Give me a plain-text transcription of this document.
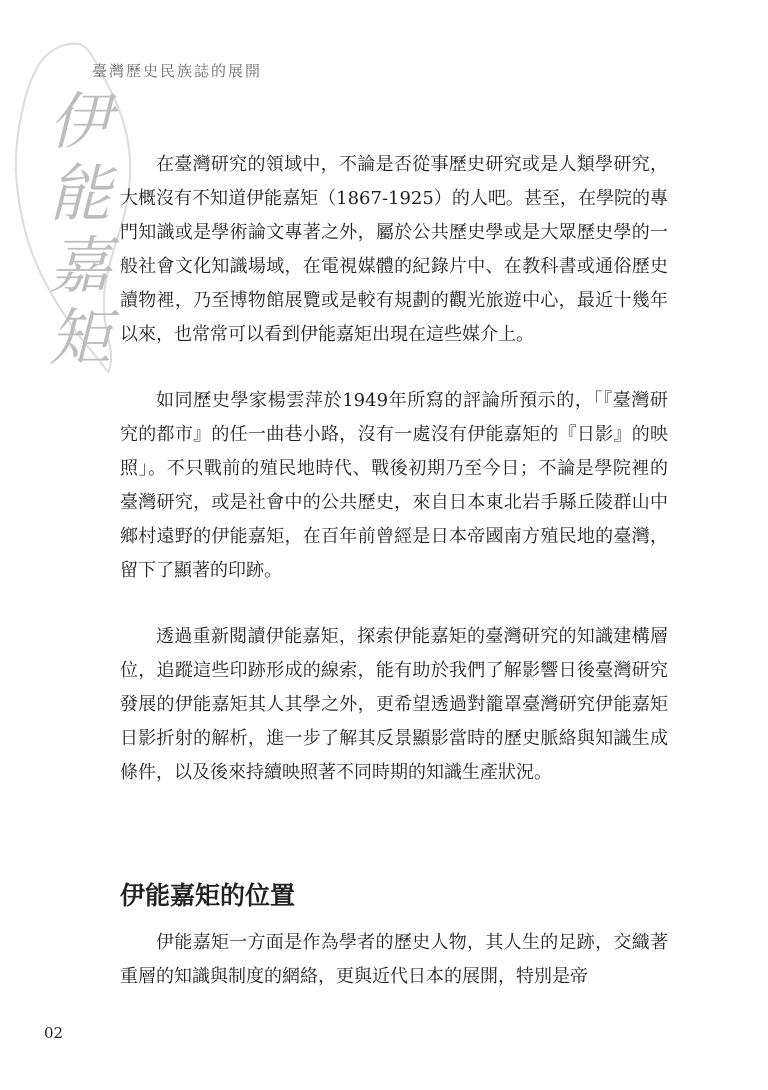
臺灣歷史民族誌的展開
伊
能
嘉
矩

在臺灣研究的領域中，不論是否從事歷史研究或是人類學研究，大概沒有不知道伊能嘉矩（1867-1925）的人吧。甚至，在學院的專門知識或是學術論文專著之外，屬於公共歷史學或是大眾歷史學的一般社會文化知識場域，在電視媒體的紀錄片中、在教科書或通俗歷史讀物裡，乃至博物館展覽或是較有規劃的觀光旅遊中心，最近十幾年以來，也常常可以看到伊能嘉矩出現在這些媒介上。

如同歷史學家楊雲萍於1949年所寫的評論所預示的，「『臺灣研究的都市』的任一曲巷小路，沒有一處沒有伊能嘉矩的『日影』的映照」。不只戰前的殖民地時代、戰後初期乃至今日；不論是學院裡的臺灣研究，或是社會中的公共歷史，來自日本東北岩手縣丘陵群山中鄉村遠野的伊能嘉矩，在百年前曾經是日本帝國南方殖民地的臺灣，留下了顯著的印跡。

透過重新閱讀伊能嘉矩，探索伊能嘉矩的臺灣研究的知識建構層位，追蹤這些印跡形成的線索，能有助於我們了解影響日後臺灣研究發展的伊能嘉矩其人其學之外，更希望透過對籠罩臺灣研究伊能嘉矩日影折射的解析，進一步了解其反景顯影當時的歷史脈絡與知識生成條件，以及後來持續映照著不同時期的知識生產狀況。

伊能嘉矩的位置

伊能嘉矩一方面是作為學者的歷史人物，其人生的足跡，交織著重層的知識與制度的網絡，更與近代日本的展開，特別是帝

02
